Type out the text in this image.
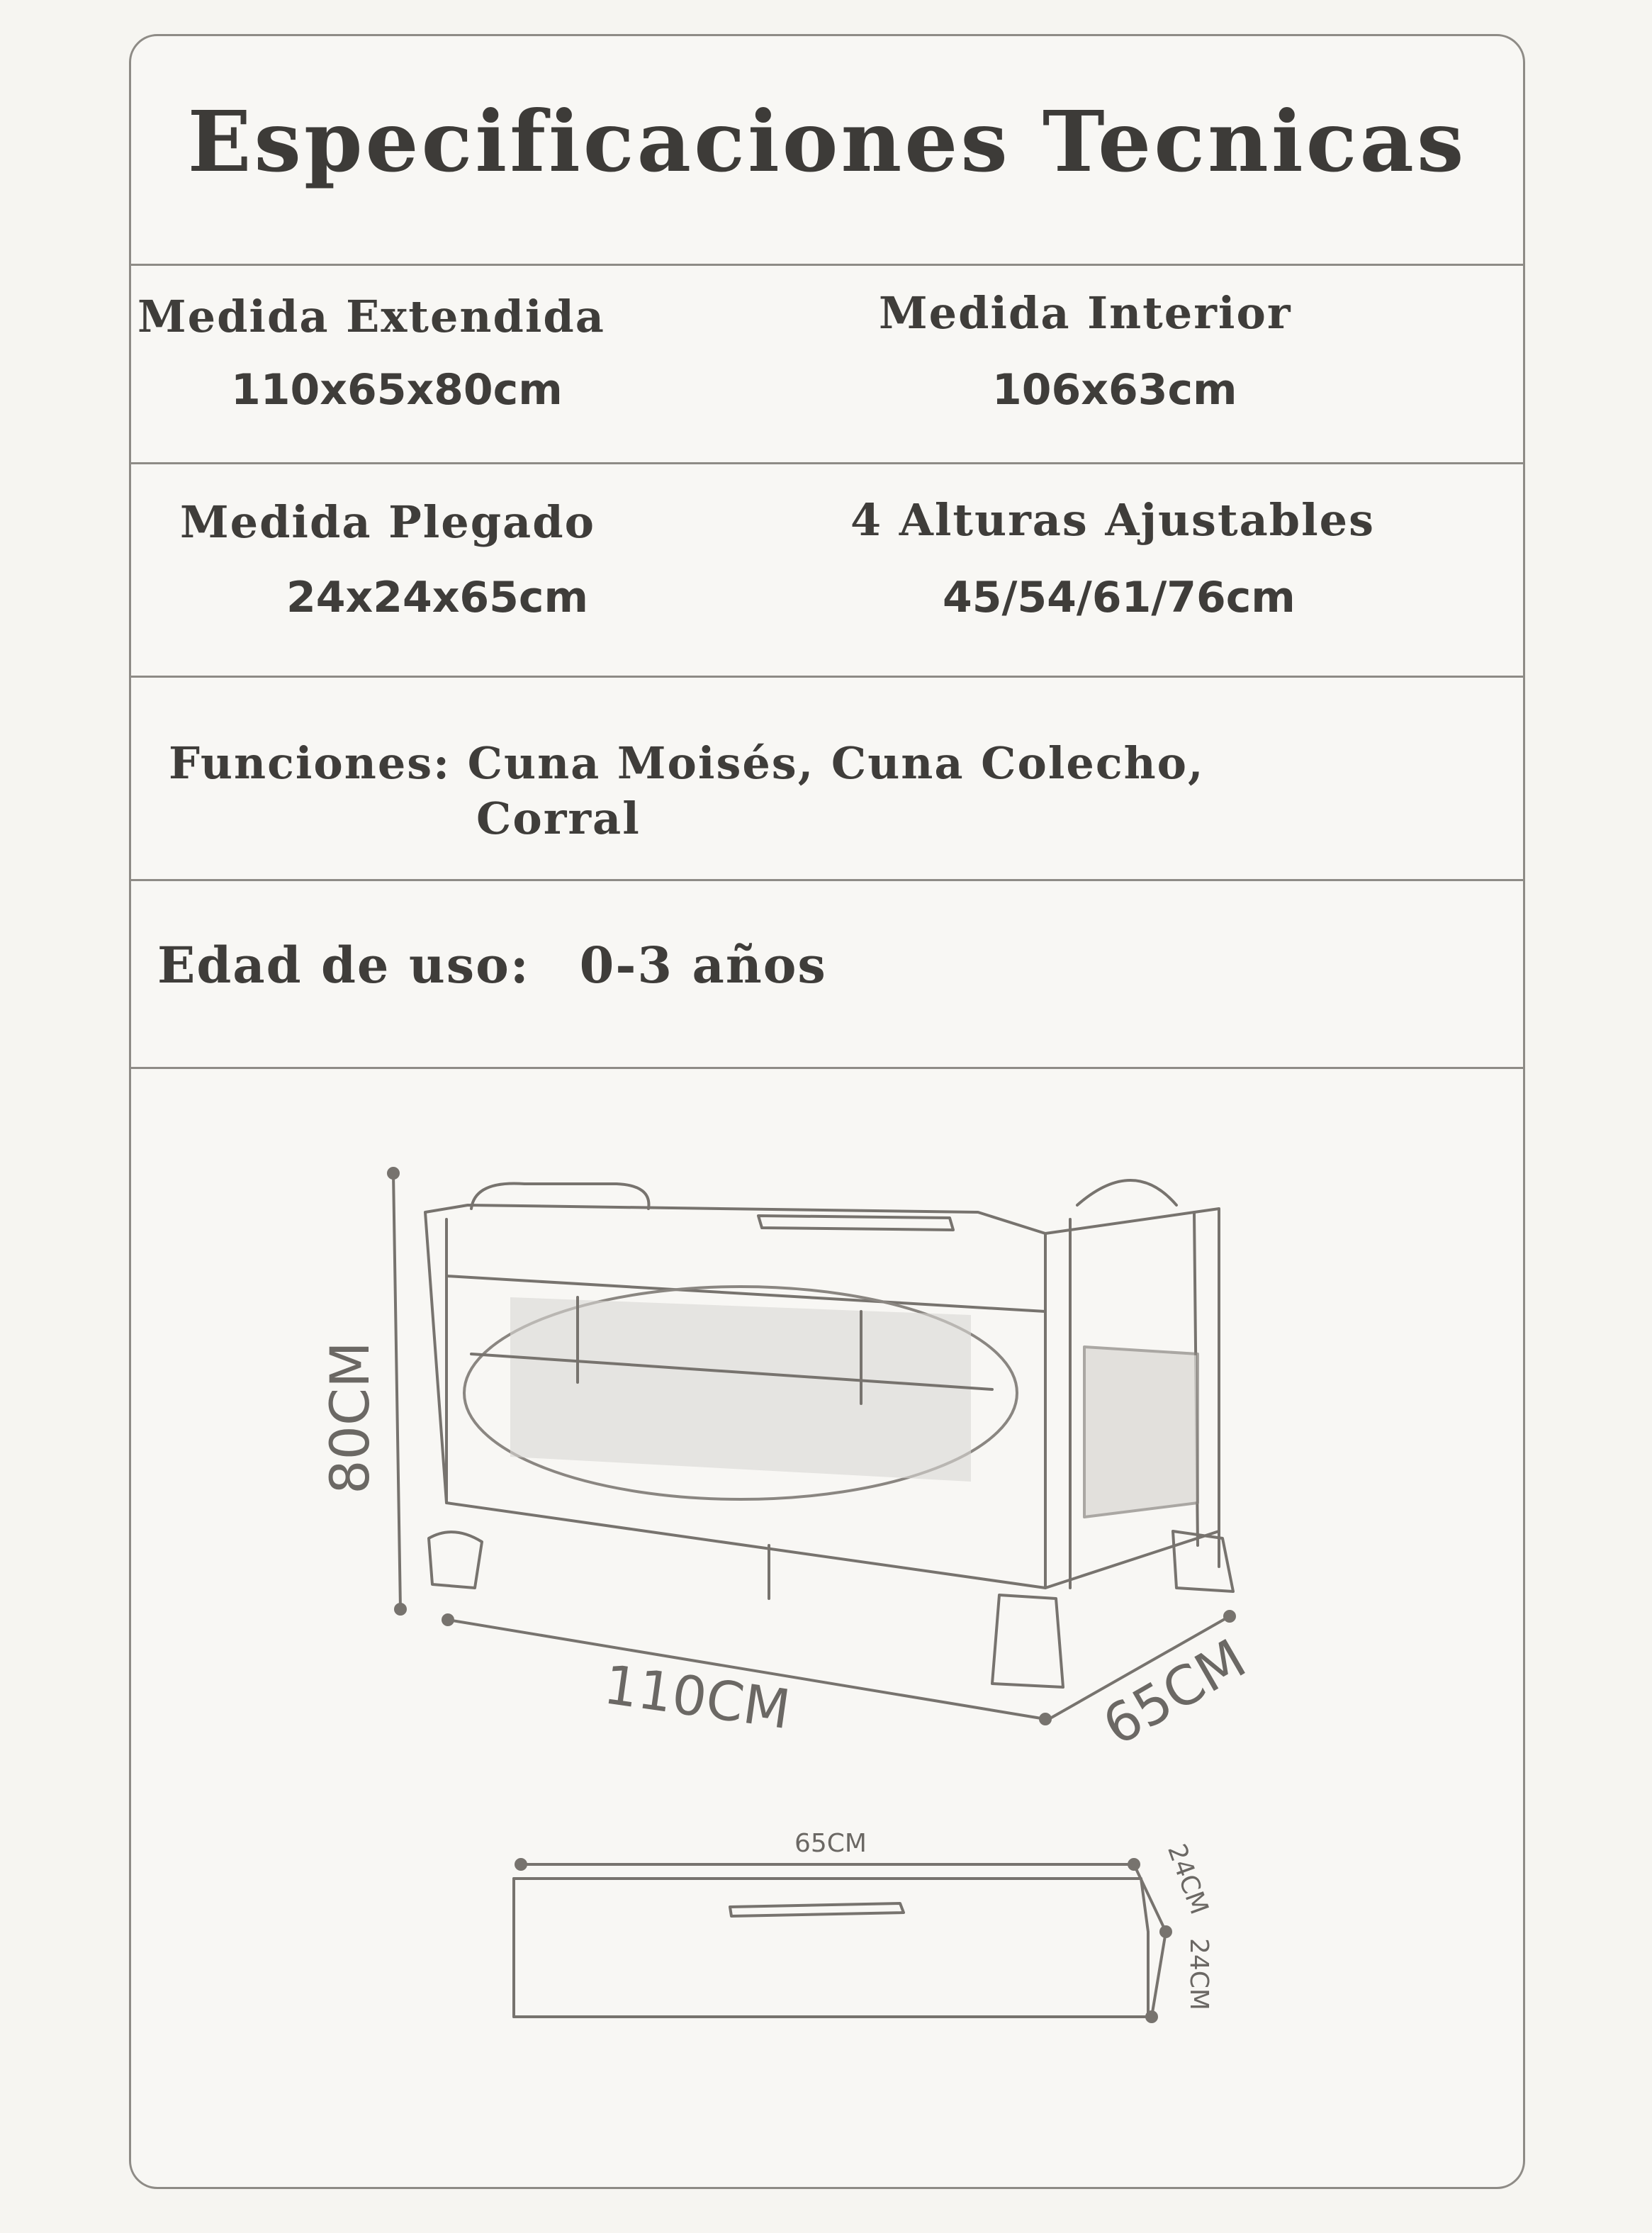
Especificaciones Tecnicas
Medida Extendida
110x65x80cm
Medida Interior
106x63cm
Medida Plegado
24x24x65cm
4 Alturas Ajustables
45/54/61/76cm
Funciones: Cuna Moisés, Cuna Colecho,
Corral
Edad de uso: 0-3 años
80CM
110CM	65CM
65CM	24CM
24CM
